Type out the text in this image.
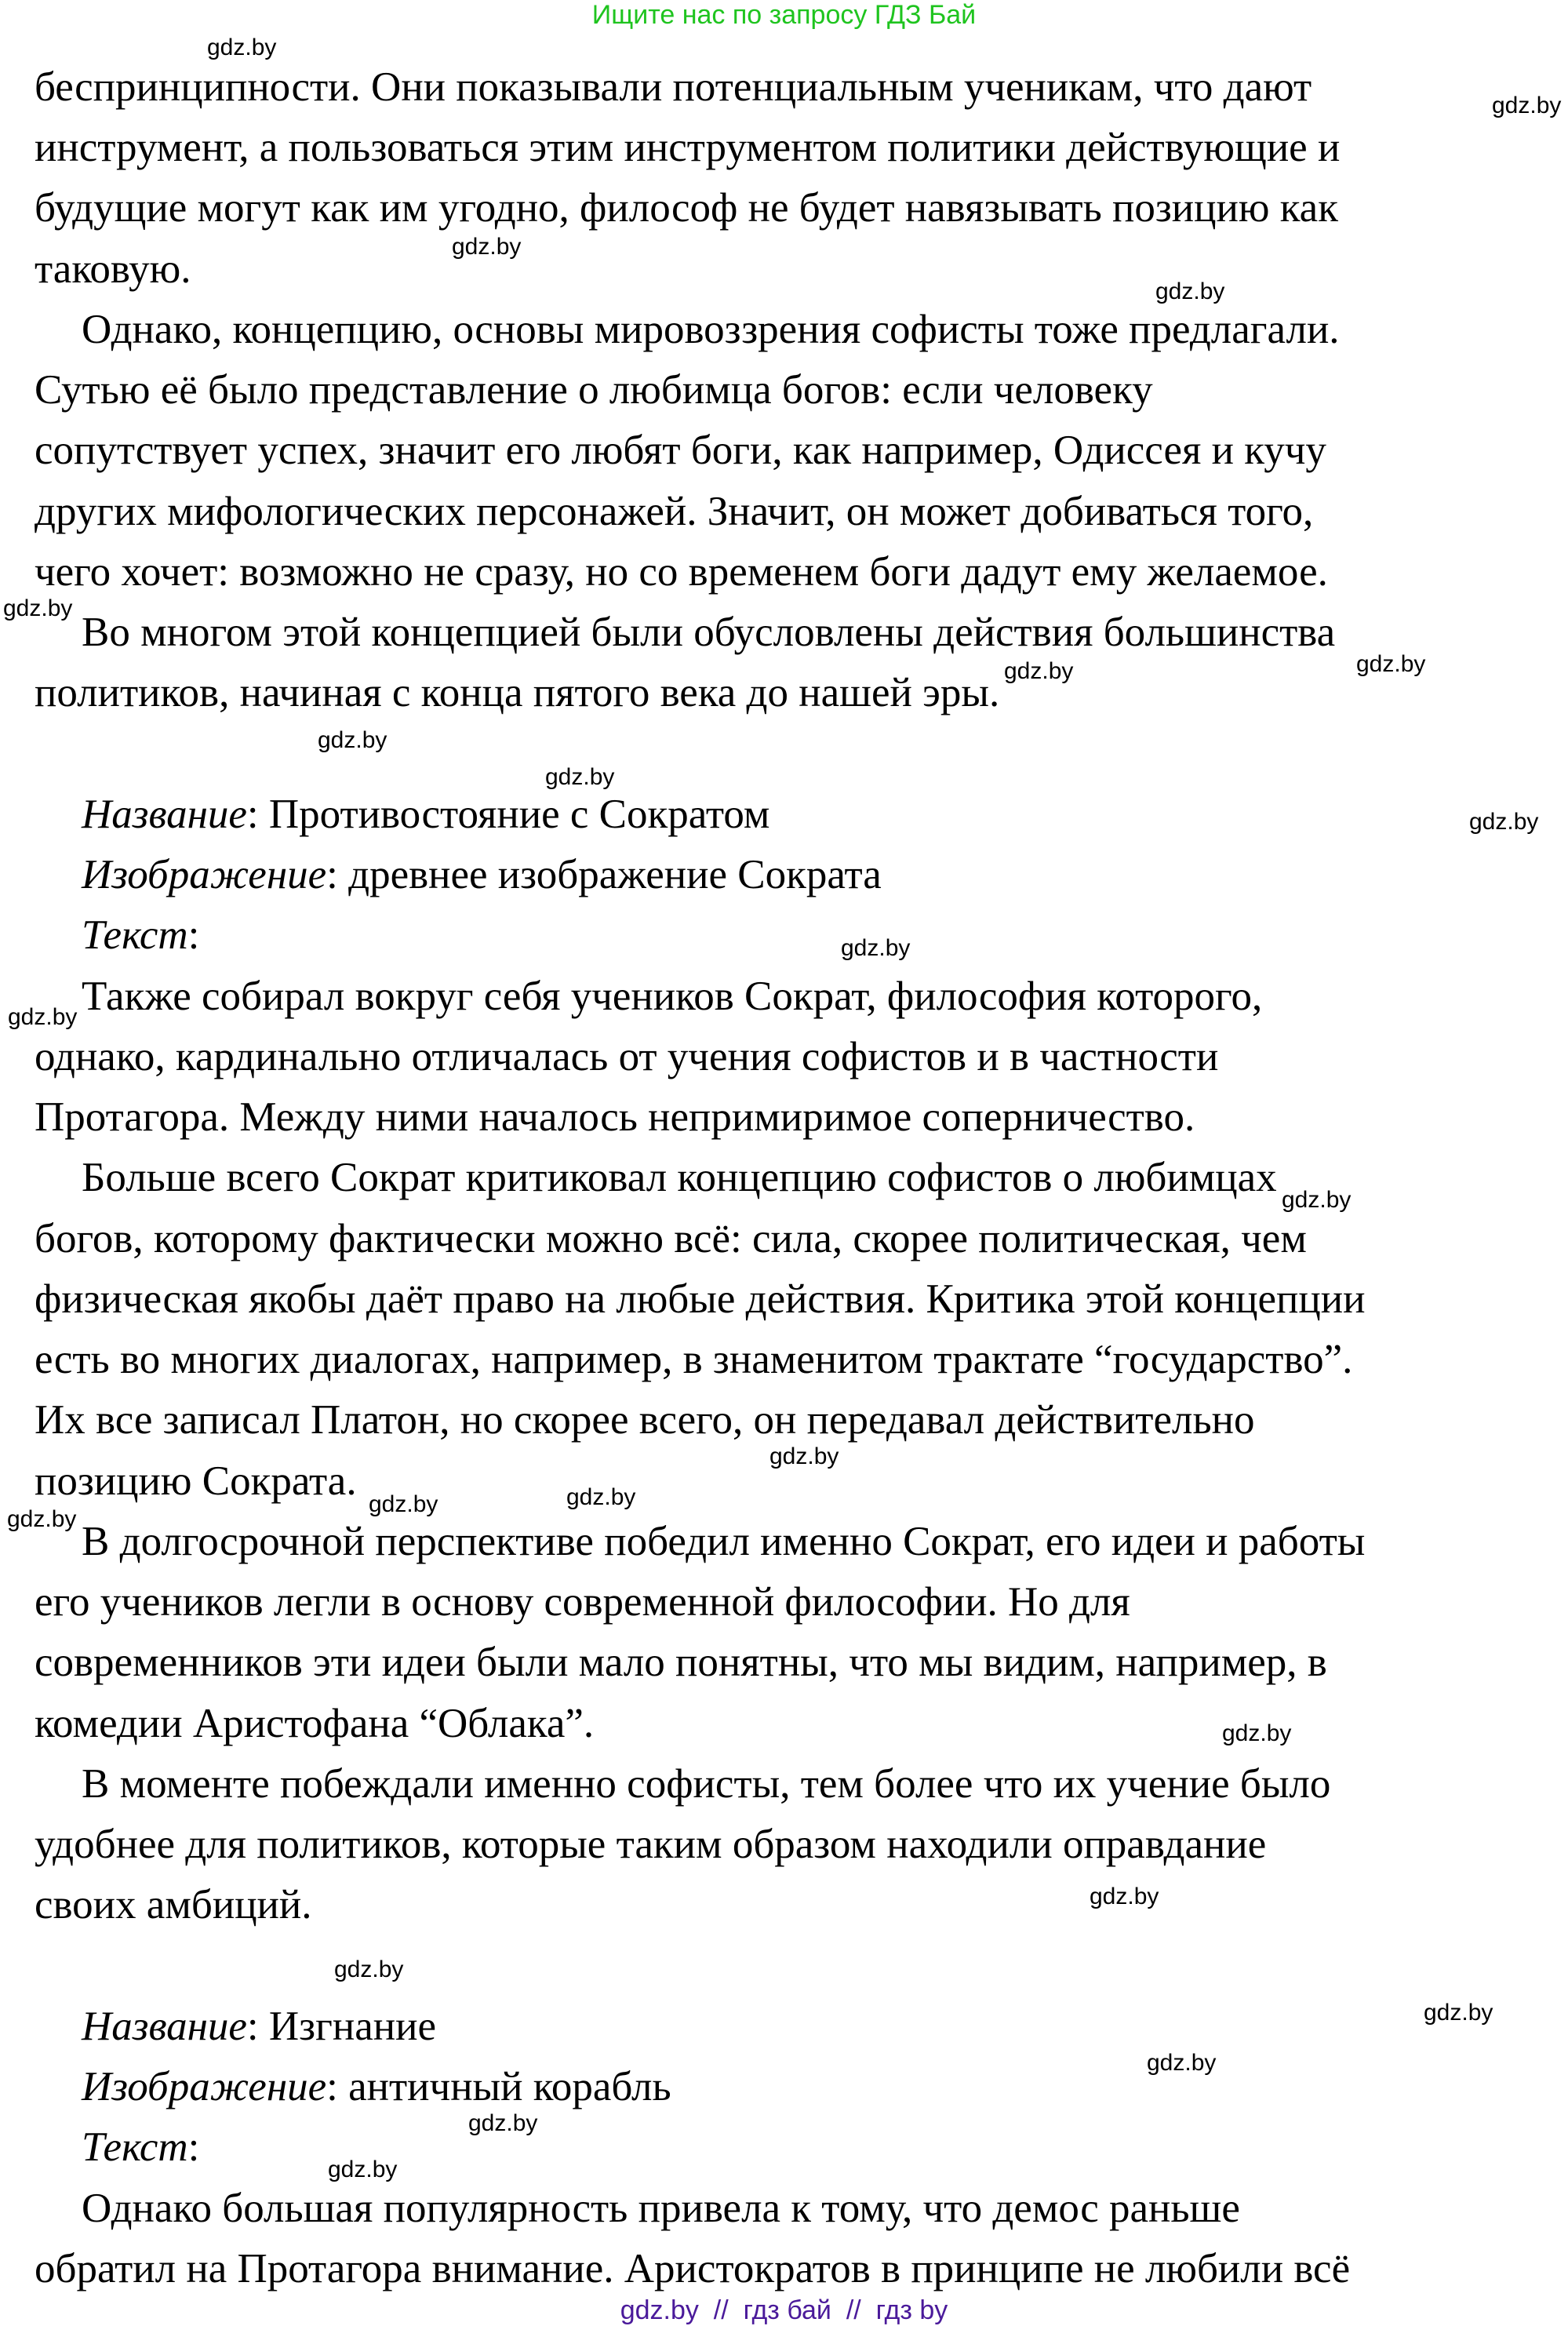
Ищите нас по запросу ГДЗ Бай
беспринципности. Они показывали потенциальным ученикам, что дают
инструмент, а пользоваться этим инструментом политики действующие и
будущие могут как им угодно, философ не будет навязывать позицию как
таковую.
Однако, концепцию, основы мировоззрения софисты тоже предлагали.
Сутью её было представление о любимца богов: если человеку
сопутствует успех, значит его любят боги, как например, Одиссея и кучу
других мифологических персонажей. Значит, он может добиваться того,
чего хочет: возможно не сразу, но со временем боги дадут ему желаемое.
Во многом этой концепцией были обусловлены действия большинства
политиков, начиная с конца пятого века до нашей эры.
Название: Противостояние с Сократом
Изображение: древнее изображение Сократа
Текст:
Также собирал вокруг себя учеников Сократ, философия которого,
однако, кардинально отличалась от учения софистов и в частности
Протагора. Между ними началось непримиримое соперничество.
Больше всего Сократ критиковал концепцию софистов о любимцах
богов, которому фактически можно всё: сила, скорее политическая, чем
физическая якобы даёт право на любые действия. Критика этой концепции
есть во многих диалогах, например, в знаменитом трактате “государство”.
Их все записал Платон, но скорее всего, он передавал действительно
позицию Сократа.
В долгосрочной перспективе победил именно Сократ, его идеи и работы
его учеников легли в основу современной философии. Но для
современников эти идеи были мало понятны, что мы видим, например, в
комедии Аристофана “Облака”.
В моменте побеждали именно софисты, тем более что их учение было
удобнее для политиков, которые таким образом находили оправдание
своих амбиций.
Название: Изгнание
Изображение: античный корабль
Текст:
Однако большая популярность привела к тому, что демос раньше
обратил на Протагора внимание. Аристократов в принципе не любили всё
gdz.by
gdz.by
gdz.by
gdz.by
gdz.by
gdz.by	gdz.by
gdz.by
gdz.by
gdz.by
gdz.by
gdz.by
gdz.by
gdz.by
gdz.by
gdz.by
gdz.by
gdz.by
gdz.by
gdz.by
gdz.by
gdz.by
gdz.by
gdz.by
gdz.by  //  гдз бай  //  гдз by
